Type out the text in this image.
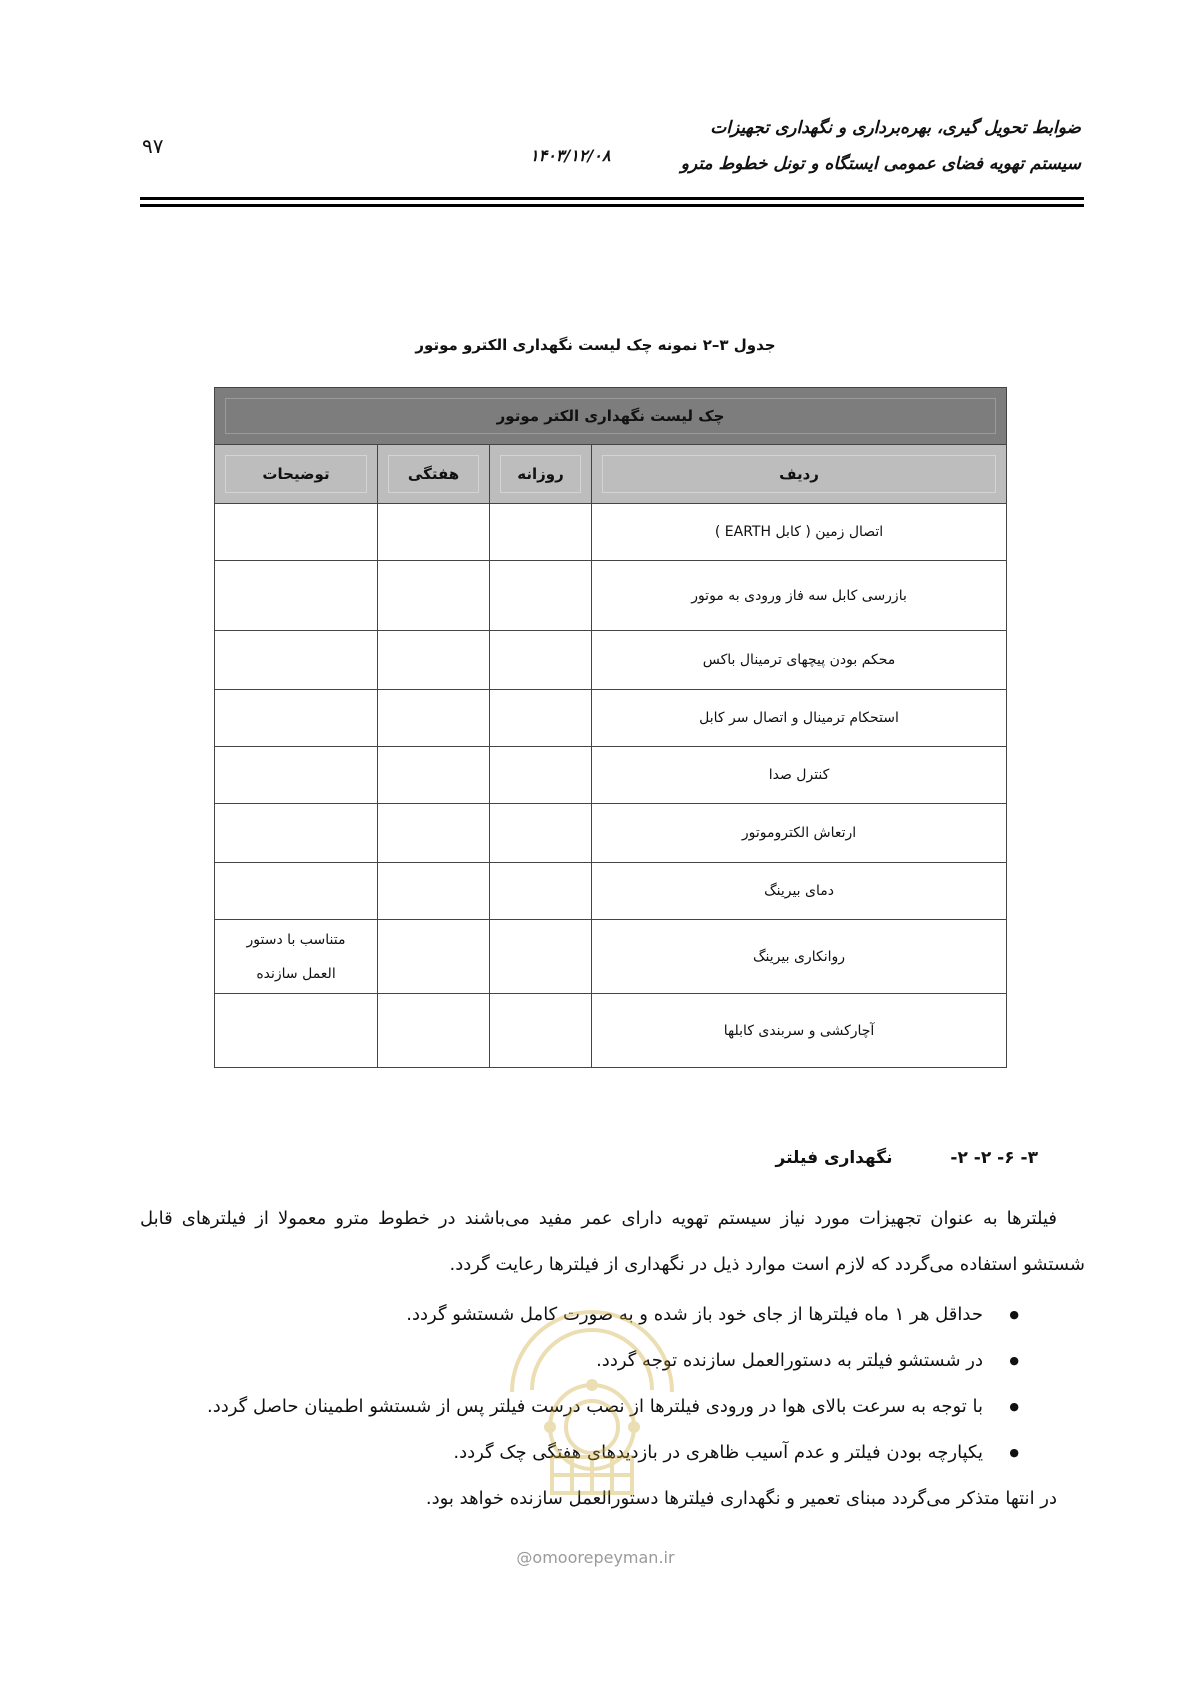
ضوابط تحویل گیری، بهره‌برداری و نگهداری تجهیزات
سیستم تهویه فضای عمومی ایستگاه و تونل خطوط مترو
۱۴۰۳/۱۲/۰۸
۹۷
جدول ۳–۲ نمونه چک لیست نگهداری الکترو موتور
چک لیست نگهداری الکتر موتور			
ردیف	روزانه	هفتگی	توضیحات
اتصال زمین ( کابل EARTH )			
بازرسی کابل سه فاز ورودی به موتور			
محکم بودن پیچهای ترمینال باکس			
استحکام ترمینال و اتصال سر کابل			
کنترل صدا			
ارتعاش الکتروموتور			
دمای بیرینگ			
روانکاری بیرینگ			متناسب با دستور
العمل سازنده

آچارکشی و سربندی کابلها			
۳- ۶- ۲- ۲- نگهداری فیلتر
فیلترها به عنوان تجهیزات مورد نیاز سیستم تهویه دارای عمر مفید می‌باشند در خطوط مترو معمولا از فیلترهای قابل شستشو استفاده می‌گردد که لازم است موارد ذیل در نگهداری از فیلترها رعایت گردد.
● حداقل هر ۱ ماه فیلترها از جای خود باز شده و به صورت کامل شستشو گردد.
● در شستشو فیلتر به دستورالعمل سازنده توجه گردد.
● با توجه به سرعت بالای هوا در ورودی فیلترها از نصب درست فیلتر پس از شستشو اطمینان حاصل گردد.
● یکپارچه بودن فیلتر و عدم آسیب ظاهری در بازدیدهای هفتگی چک گردد.
در انتها متذکر می‌گردد مبنای تعمیر و نگهداری فیلترها دستورالعمل سازنده خواهد بود.
@omoorepeyman.ir
